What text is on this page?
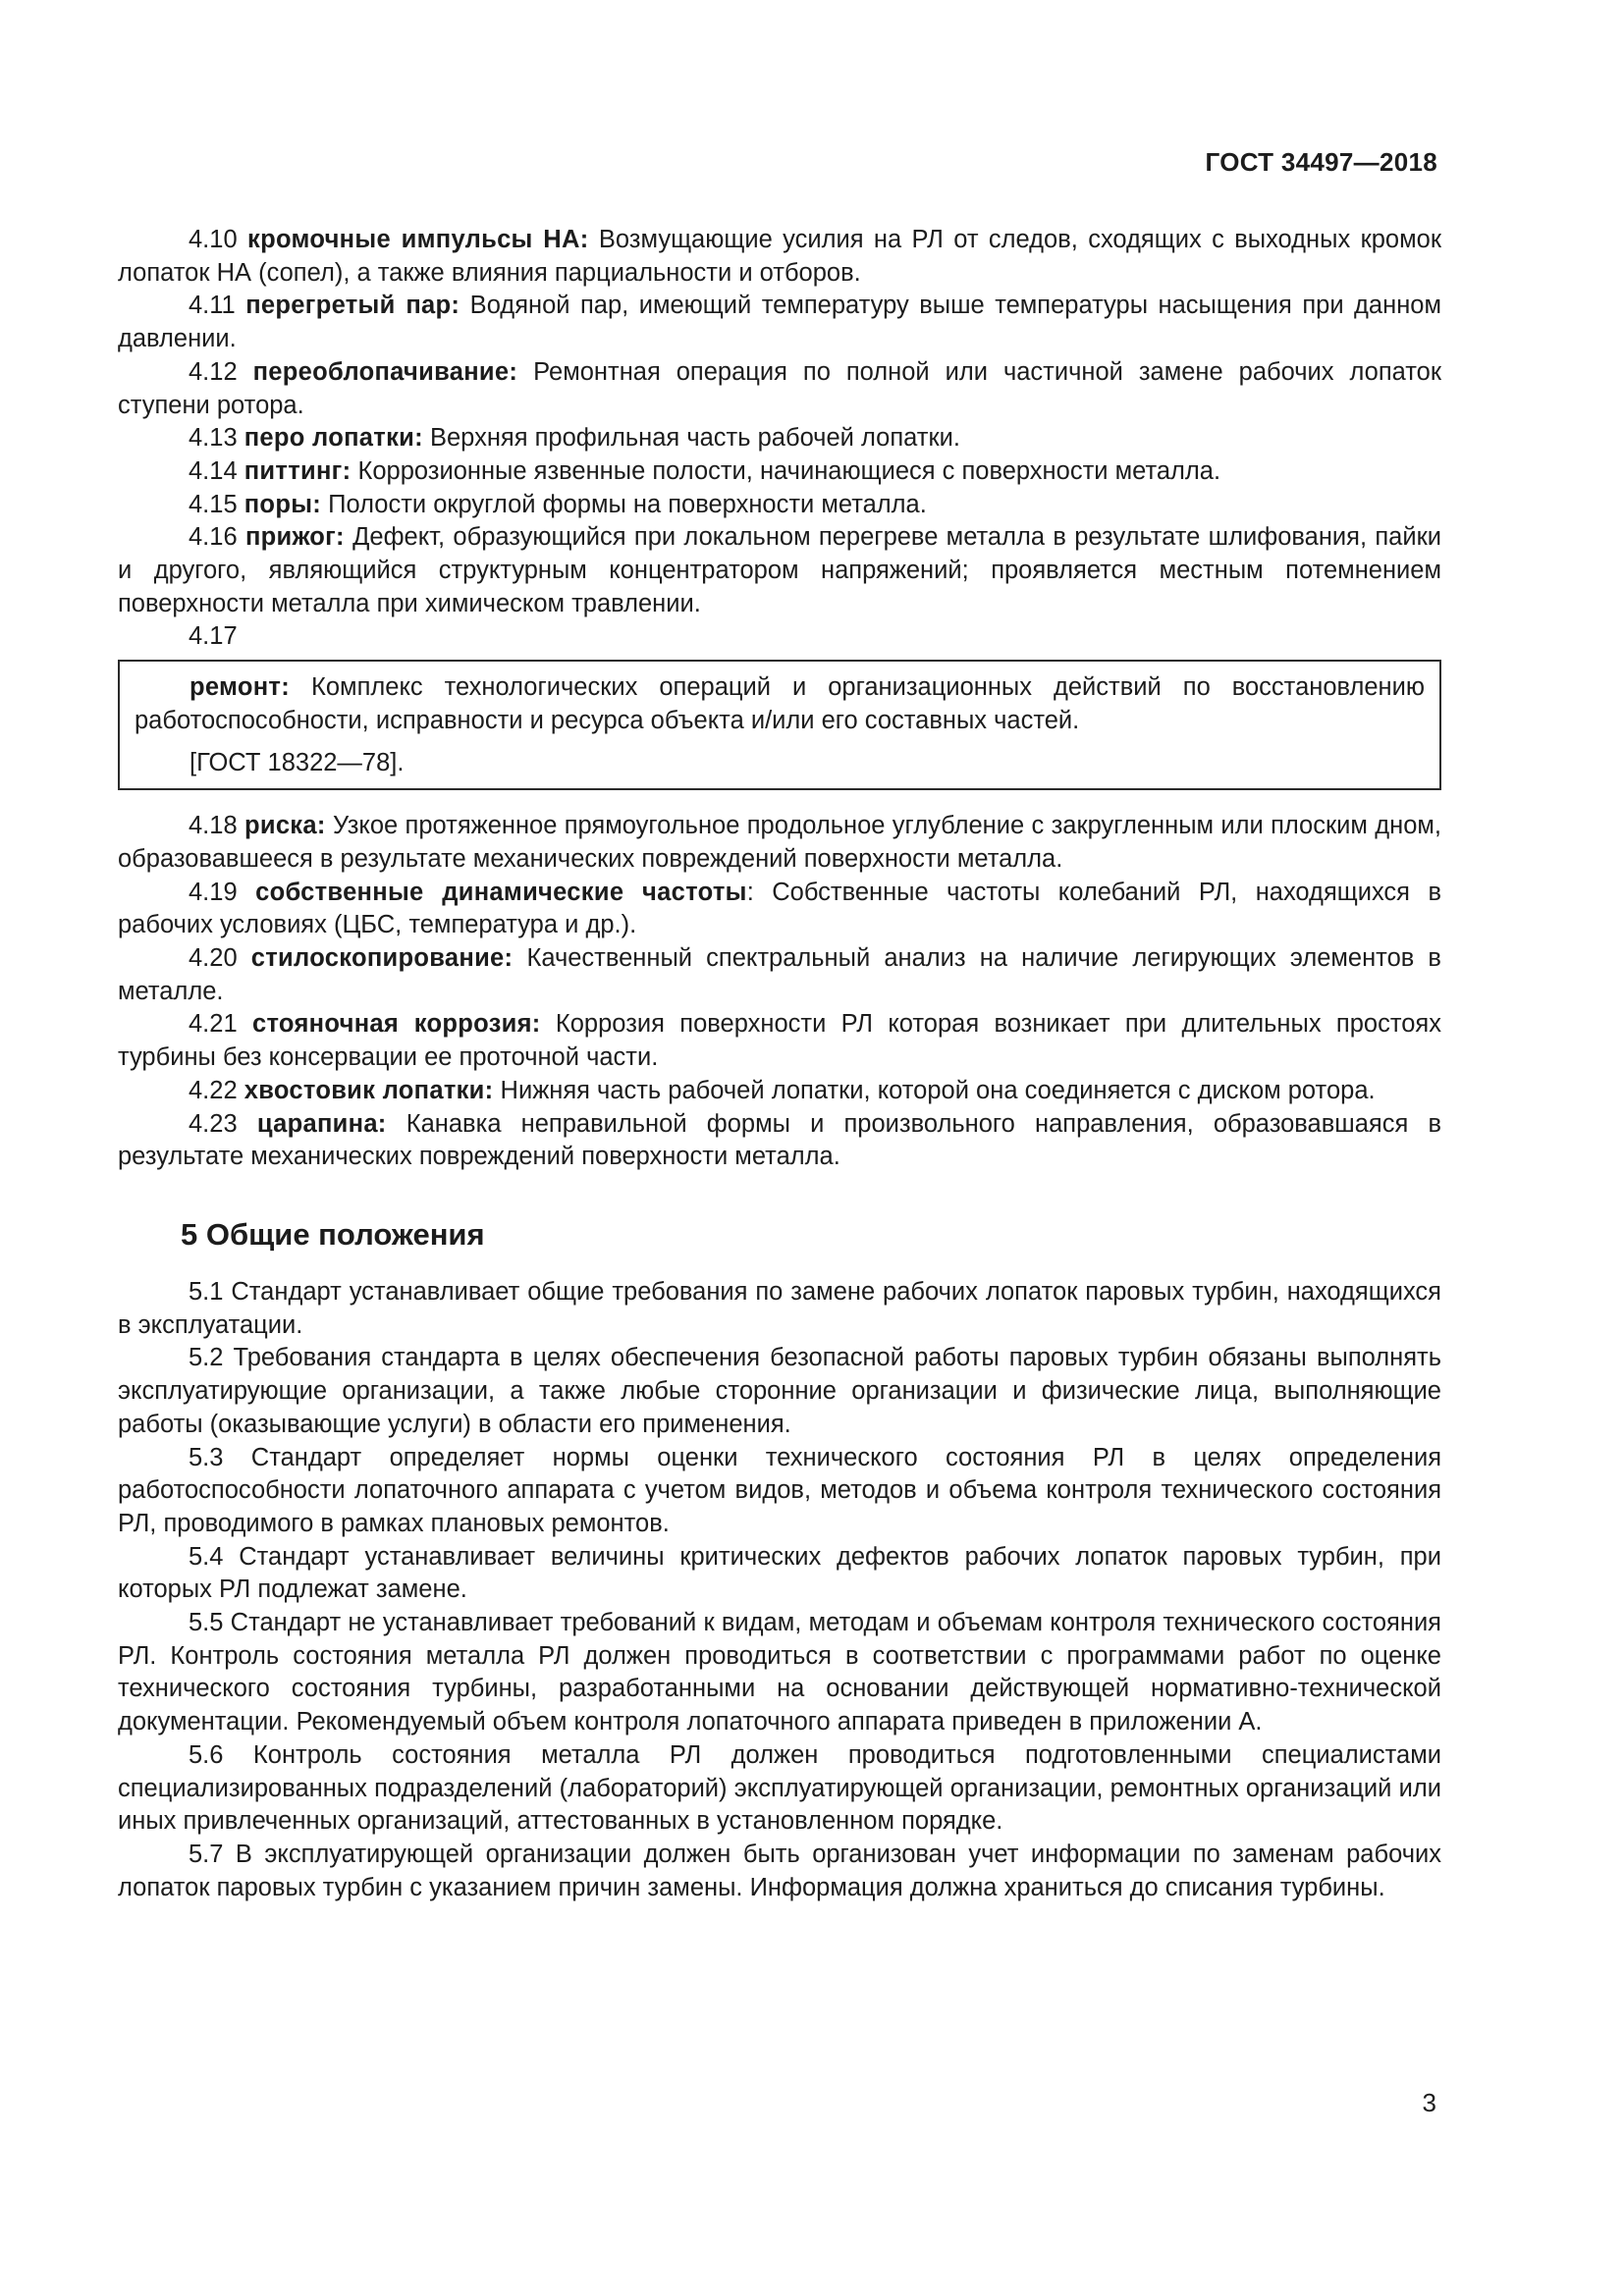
ГОСТ 34497—2018

4.10 кромочные импульсы НА: Возмущающие усилия на РЛ от следов, сходящих с выходных кромок лопаток НА (сопел), а также влияния парциальности и отборов.

4.11 перегретый пар: Водяной пар, имеющий температуру выше температуры насыщения при данном давлении.

4.12 переоблопачивание: Ремонтная операция по полной или частичной замене рабочих лопаток ступени ротора.

4.13 перо лопатки: Верхняя профильная часть рабочей лопатки.

4.14 питтинг: Коррозионные язвенные полости, начинающиеся с поверхности металла.

4.15 поры: Полости округлой формы на поверхности металла.

4.16 прижог: Дефект, образующийся при локальном перегреве металла в результате шлифования, пайки и другого, являющийся структурным концентратором напряжений; проявляется местным потемнением поверхности металла при химическом травлении.

4.17

ремонт: Комплекс технологических операций и организационных действий по восстановлению работоспособности, исправности и ресурса объекта и/или его составных частей.

[ГОСТ 18322—78].

4.18 риска: Узкое протяженное прямоугольное продольное углубление с закругленным или плоским дном, образовавшееся в результате механических повреждений поверхности металла.

4.19 собственные динамические частоты: Собственные частоты колебаний РЛ, находящихся в рабочих условиях (ЦБС, температура и др.).

4.20 стилоскопирование: Качественный спектральный анализ на наличие легирующих элементов в металле.

4.21 стояночная коррозия: Коррозия поверхности РЛ которая возникает при длительных простоях турбины без консервации ее проточной части.

4.22 хвостовик лопатки: Нижняя часть рабочей лопатки, которой она соединяется с диском ротора.

4.23 царапина: Канавка неправильной формы и произвольного направления, образовавшаяся в результате механических повреждений поверхности металла.

5 Общие положения

5.1 Стандарт устанавливает общие требования по замене рабочих лопаток паровых турбин, находящихся в эксплуатации.

5.2 Требования стандарта в целях обеспечения безопасной работы паровых турбин обязаны выполнять эксплуатирующие организации, а также любые сторонние организации и физические лица, выполняющие работы (оказывающие услуги) в области его применения.

5.3 Стандарт определяет нормы оценки технического состояния РЛ в целях определения работоспособности лопаточного аппарата с учетом видов, методов и объема контроля технического состояния РЛ, проводимого в рамках плановых ремонтов.

5.4 Стандарт устанавливает величины критических дефектов рабочих лопаток паровых турбин, при которых РЛ подлежат замене.

5.5 Стандарт не устанавливает требований к видам, методам и объемам контроля технического состояния РЛ. Контроль состояния металла РЛ должен проводиться в соответствии с программами работ по оценке технического состояния турбины, разработанными на основании действующей нормативно-технической документации. Рекомендуемый объем контроля лопаточного аппарата приведен в приложении А.

5.6 Контроль состояния металла РЛ должен проводиться подготовленными специалистами специализированных подразделений (лабораторий) эксплуатирующей организации, ремонтных организаций или иных привлеченных организаций, аттестованных в установленном порядке.

5.7 В эксплуатирующей организации должен быть организован учет информации по заменам рабочих лопаток паровых турбин с указанием причин замены. Информация должна храниться до списания турбины.

3
